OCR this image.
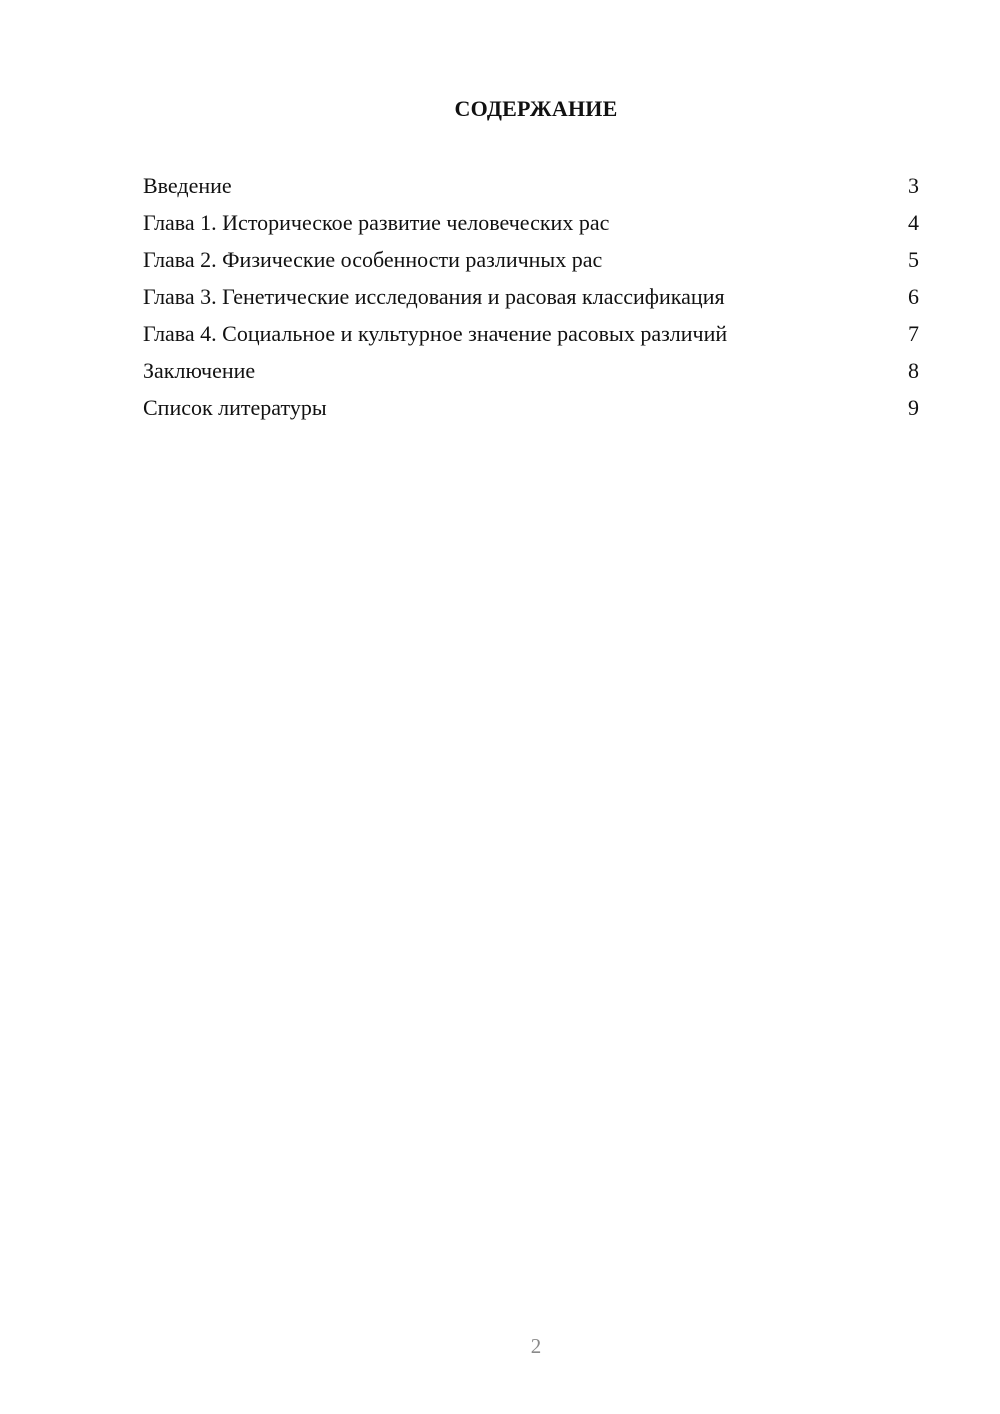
СОДЕРЖАНИЕ
Введение	3
Глава 1. Историческое развитие человеческих рас	4
Глава 2. Физические особенности различных рас	5
Глава 3. Генетические исследования и расовая классификация	6
Глава 4. Социальное и культурное значение расовых различий	7
Заключение	8
Список литературы	9
2
